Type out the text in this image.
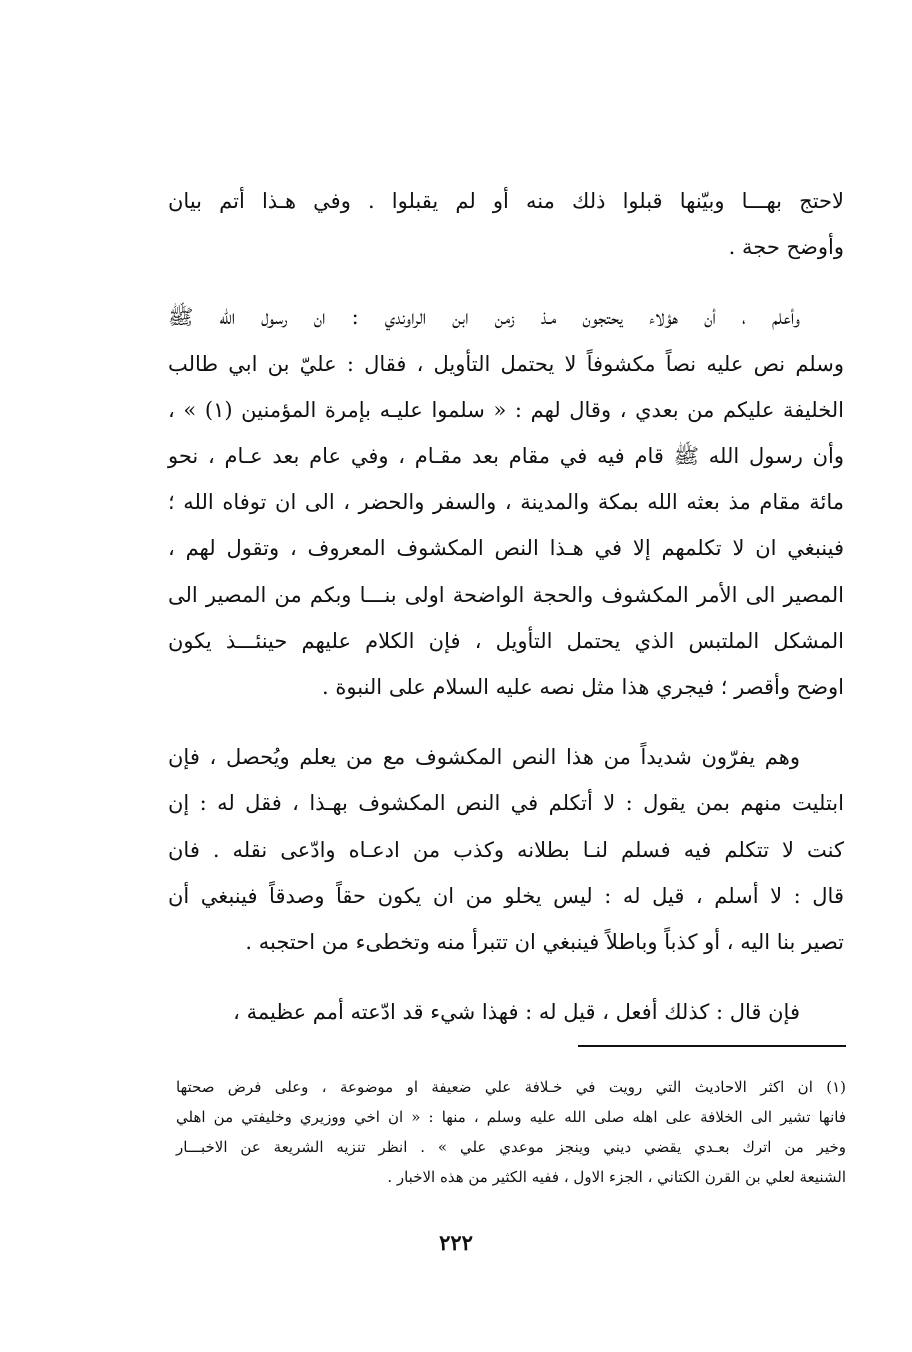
لاحتج بهـــا وبيّنها قبلوا ذلك منه أو لم يقبلوا . وفي هـذا أتم بيان
وأوضح حجة .
وأعلم ، أن هؤلاء يحتجون مـذ زمن ابن الراوندي : ان رسول الله ﷺ
وسلم نص عليه نصاً مكشوفاً لا يحتمل التأويل ، فقال : عليّ بن ابي طالب
الخليفة عليكم من بعدي ، وقال لهم : « سلموا عليـه بإمرة المؤمنين (١) » ،
وأن رسول الله ﷺ قام فيه في مقام بعد مقـام ، وفي عام بعد عـام ، نحو
مائة مقام مذ بعثه الله بمكة والمدينة ، والسفر والحضر ، الى ان توفاه الله ؛
فينبغي ان لا تكلمهم إلا في هـذا النص المكشوف المعروف ، وتقول لهم ،
المصير الى الأمر المكشوف والحجة الواضحة اولى بنـــا وبكم من المصير الى
المشكل الملتبس الذي يحتمل التأويل ، فإن الكلام عليهم حينئـــذ يكون
اوضح وأقصر ؛ فيجري هذا مثل نصه عليه السلام على النبوة .
وهم يفرّون شديداً من هذا النص المكشوف مع من يعلم ويُحصل ، فإن
ابتليت منهم بمن يقول : لا أتكلم في النص المكشوف بهـذا ، فقل له : إن
كنت لا تتكلم فيه فسلم لنـا بطلانه وكذب من ادعـاه وادّعى نقله . فان
قال : لا أسلم ، قيل له : ليس يخلو من ان يكون حقاً وصدقاً فينبغي أن
تصير بنا اليه ، أو كذباً وباطلاً فينبغي ان تتبرأ منه وتخطىء من احتجبه .
فإن قال : كذلك أفعل ، قيل له : فهذا شيء قد ادّعته أمم عظيمة ،
(١) ان اكثر الاحاديث التي رويت في خـلافة علي ضعيفة او موضوعة ، وعلى فرض صحتها
فانها تشير الى الخلافة على اهله صلى الله عليه وسلم ، منها : « ان اخي ووزيري وخليفتي من اهلي
وخير من اترك بعـدي يقضي ديني وينجز موعدي علي » . انظر تنزيه الشريعة عن الاخبـــار
الشنيعة لعلي بن القرن الكتاني ، الجزء الاول ، ففيه الكثير من هذه الاخبار .
٢٢٢
